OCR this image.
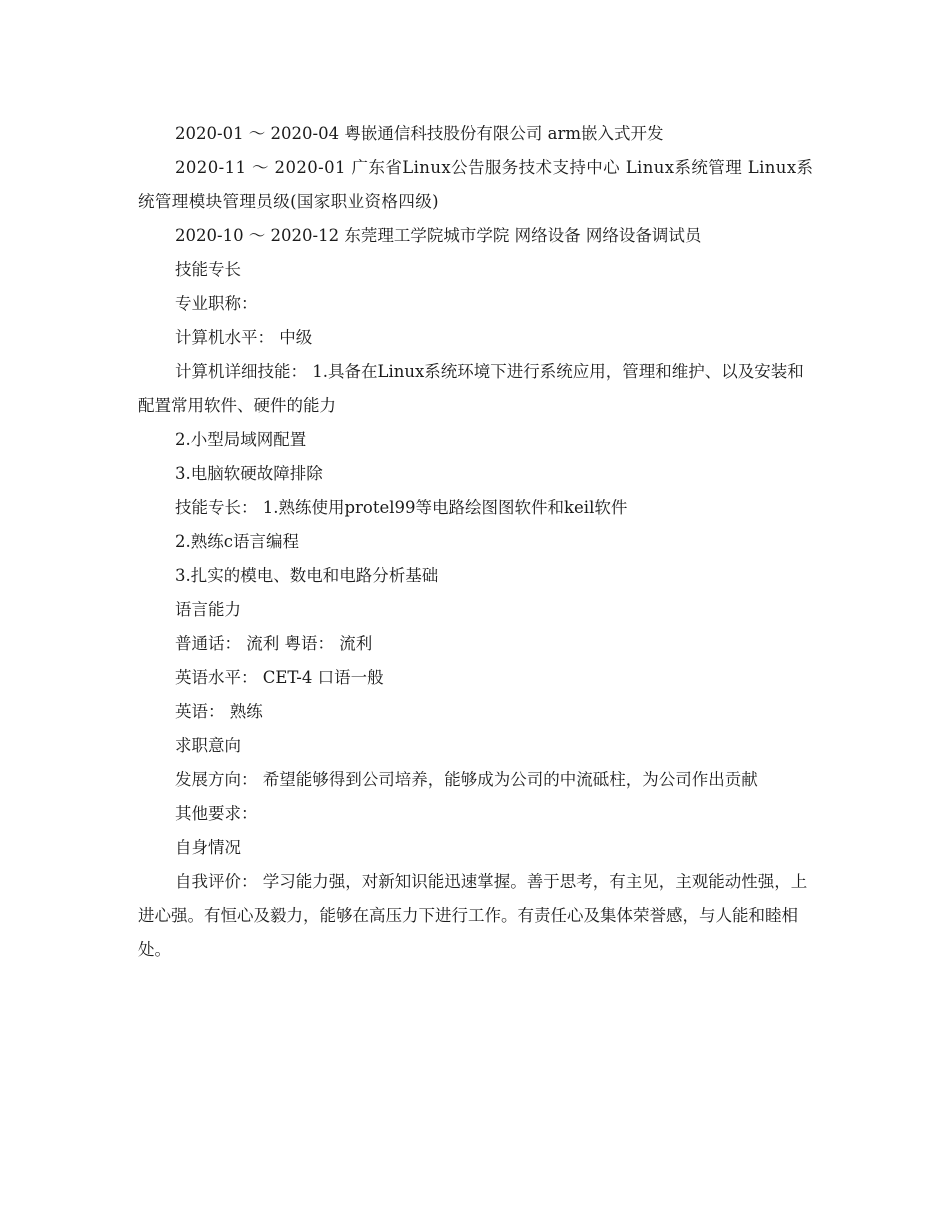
2020-01 ～ 2020-04 粤嵌通信科技股份有限公司 arm嵌入式开发

2020-11 ～ 2020-01 广东省Linux公告服务技术支持中心 Linux系统管理 Linux系统管理模块管理员级(国家职业资格四级)

2020-10 ～ 2020-12 东莞理工学院城市学院 网络设备 网络设备调试员

技能专长

专业职称：

计算机水平： 中级

计算机详细技能： 1.具备在Linux系统环境下进行系统应用，管理和维护、以及安装和配置常用软件、硬件的能力

2.小型局域网配置

3.电脑软硬故障排除

技能专长： 1.熟练使用protel99等电路绘图图软件和keil软件

2.熟练c语言编程

3.扎实的模电、数电和电路分析基础

语言能力

普通话： 流利 粤语： 流利

英语水平： CET-4 口语一般

英语： 熟练

求职意向

发展方向： 希望能够得到公司培养，能够成为公司的中流砥柱，为公司作出贡献

其他要求：

自身情况

自我评价： 学习能力强，对新知识能迅速掌握。善于思考，有主见，主观能动性强，上进心强。有恒心及毅力，能够在高压力下进行工作。有责任心及集体荣誉感，与人能和睦相处。
